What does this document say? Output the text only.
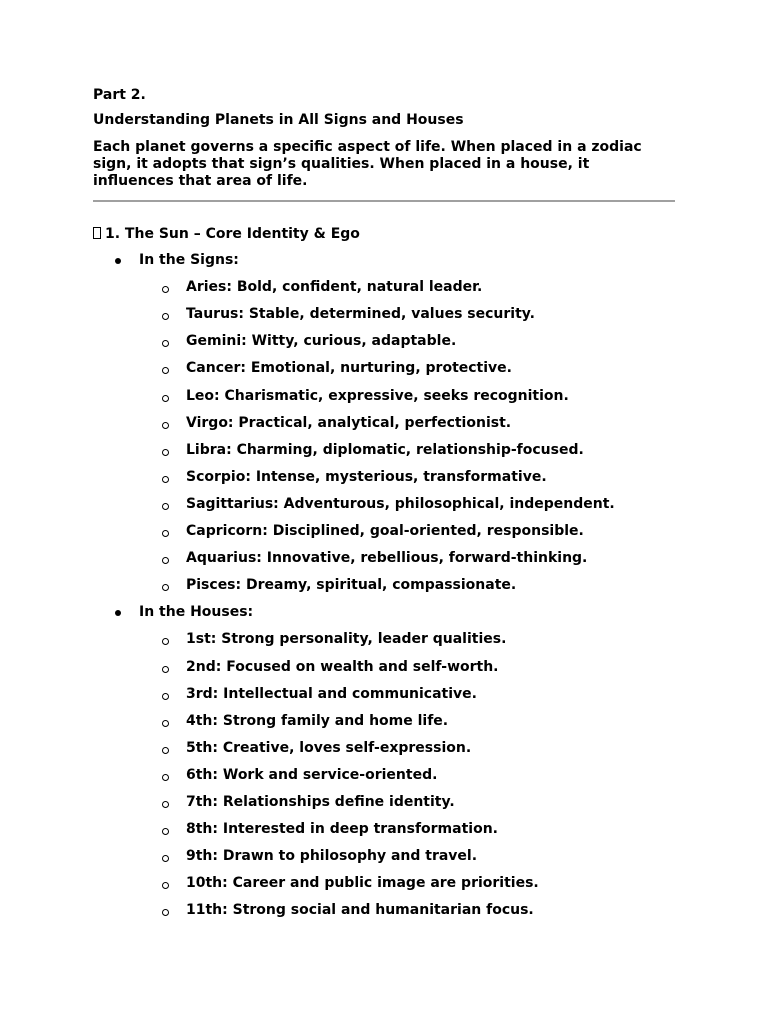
Part 2.
Understanding Planets in All Signs and Houses
Each planet governs a specific aspect of life. When placed in a zodiac sign, it adopts that sign’s qualities. When placed in a house, it influences that area of life.
1. The Sun – Core Identity & Ego
In the Signs:
Aries: Bold, confident, natural leader.
Taurus: Stable, determined, values security.
Gemini: Witty, curious, adaptable.
Cancer: Emotional, nurturing, protective.
Leo: Charismatic, expressive, seeks recognition.
Virgo: Practical, analytical, perfectionist.
Libra: Charming, diplomatic, relationship-focused.
Scorpio: Intense, mysterious, transformative.
Sagittarius: Adventurous, philosophical, independent.
Capricorn: Disciplined, goal-oriented, responsible.
Aquarius: Innovative, rebellious, forward-thinking.
Pisces: Dreamy, spiritual, compassionate.
In the Houses:
1st: Strong personality, leader qualities.
2nd: Focused on wealth and self-worth.
3rd: Intellectual and communicative.
4th: Strong family and home life.
5th: Creative, loves self-expression.
6th: Work and service-oriented.
7th: Relationships define identity.
8th: Interested in deep transformation.
9th: Drawn to philosophy and travel.
10th: Career and public image are priorities.
11th: Strong social and humanitarian focus.
